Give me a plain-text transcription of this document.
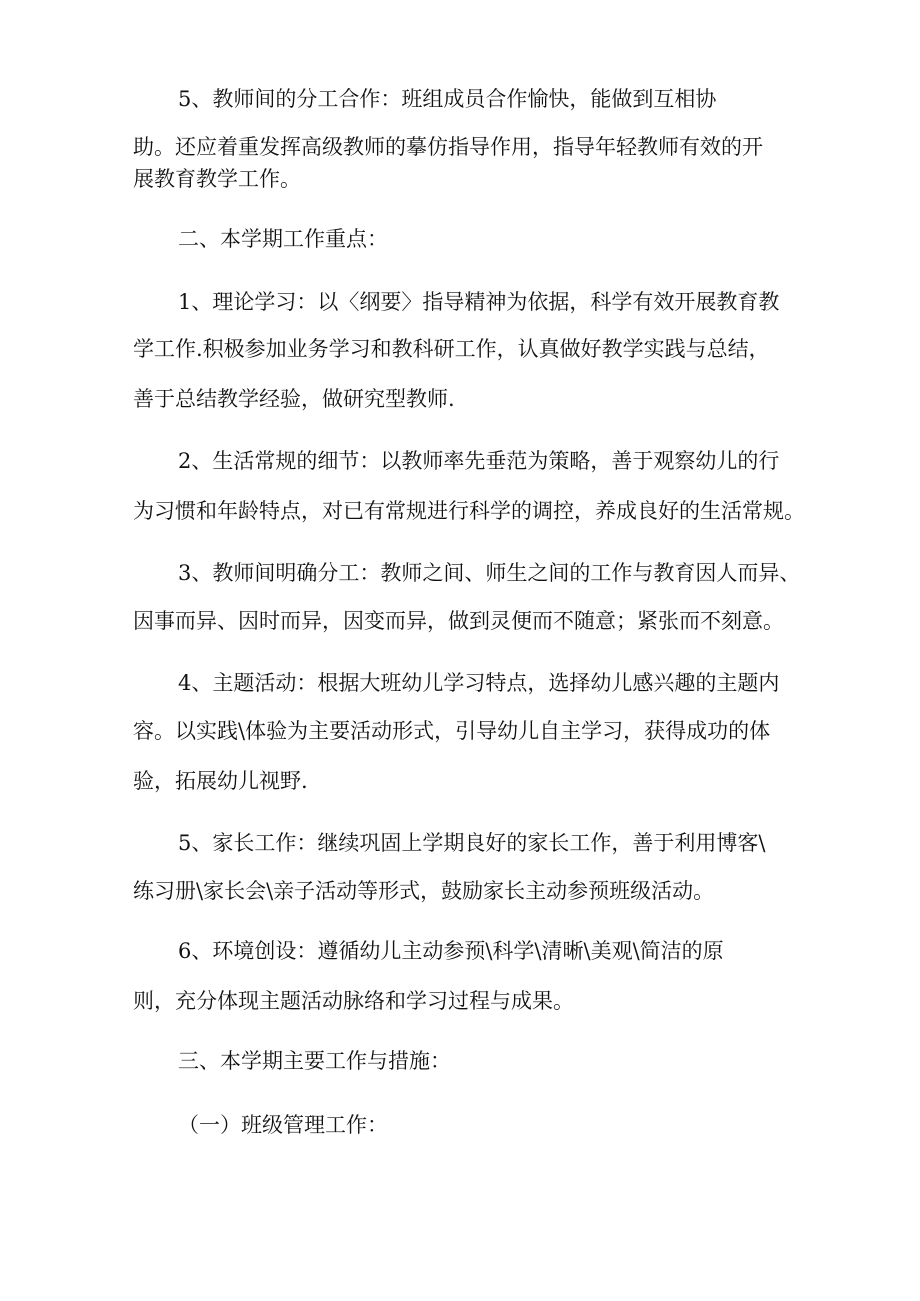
5、教师间的分工合作：班组成员合作愉快，能做到互相协
助。还应着重发挥高级教师的摹仿指导作用，指导年轻教师有效的开
展教育教学工作。
二、本学期工作重点：
1、理论学习：以〈纲要〉指导精神为依据，科学有效开展教育教
学工作.积极参加业务学习和教科研工作，认真做好教学实践与总结，
善于总结教学经验，做研究型教师.
2、生活常规的细节：以教师率先垂范为策略，善于观察幼儿的行
为习惯和年龄特点，对已有常规进行科学的调控，养成良好的生活常规。
3、教师间明确分工：教师之间、师生之间的工作与教育因人而异、
因事而异、因时而异，因变而异，做到灵便而不随意；紧张而不刻意。
4、主题活动：根据大班幼儿学习特点，选择幼儿感兴趣的主题内
容。以实践\体验为主要活动形式，引导幼儿自主学习，获得成功的体
验，拓展幼儿视野.
5、家长工作：继续巩固上学期良好的家长工作，善于利用博客\
练习册\家长会\亲子活动等形式，鼓励家长主动参预班级活动。
6、环境创设：遵循幼儿主动参预\科学\清晰\美观\简洁的原
则，充分体现主题活动脉络和学习过程与成果。
三、本学期主要工作与措施：
（一）班级管理工作：
